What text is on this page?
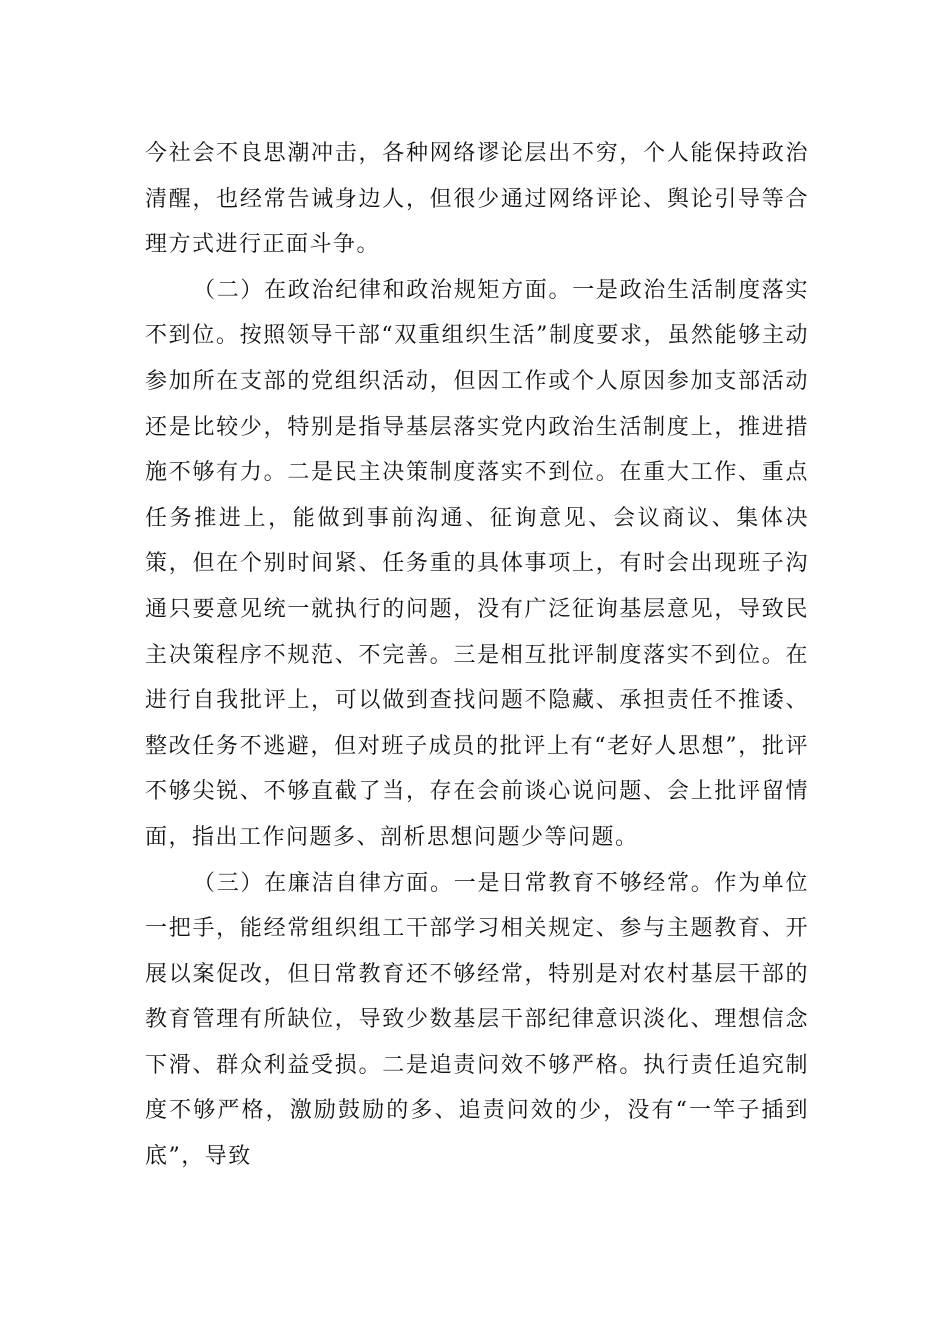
今社会不良思潮冲击，各种网络谬论层出不穷，个人能保持政治清醒，也经常告诫身边人，但很少通过网络评论、舆论引导等合理方式进行正面斗争。

（二）在政治纪律和政治规矩方面。一是政治生活制度落实不到位。按照领导干部“双重组织生活”制度要求，虽然能够主动参加所在支部的党组织活动，但因工作或个人原因参加支部活动还是比较少，特别是指导基层落实党内政治生活制度上，推进措施不够有力。二是民主决策制度落实不到位。在重大工作、重点任务推进上，能做到事前沟通、征询意见、会议商议、集体决策，但在个别时间紧、任务重的具体事项上，有时会出现班子沟通只要意见统一就执行的问题，没有广泛征询基层意见，导致民主决策程序不规范、不完善。三是相互批评制度落实不到位。在进行自我批评上，可以做到查找问题不隐藏、承担责任不推诿、整改任务不逃避，但对班子成员的批评上有“老好人思想”，批评不够尖锐、不够直截了当，存在会前谈心说问题、会上批评留情面，指出工作问题多、剖析思想问题少等问题。

（三）在廉洁自律方面。一是日常教育不够经常。作为单位一把手，能经常组织组工干部学习相关规定、参与主题教育、开展以案促改，但日常教育还不够经常，特别是对农村基层干部的教育管理有所缺位，导致少数基层干部纪律意识淡化、理想信念下滑、群众利益受损。二是追责问效不够严格。执行责任追究制度不够严格，激励鼓励的多、追责问效的少，没有“一竿子插到底”，导致
